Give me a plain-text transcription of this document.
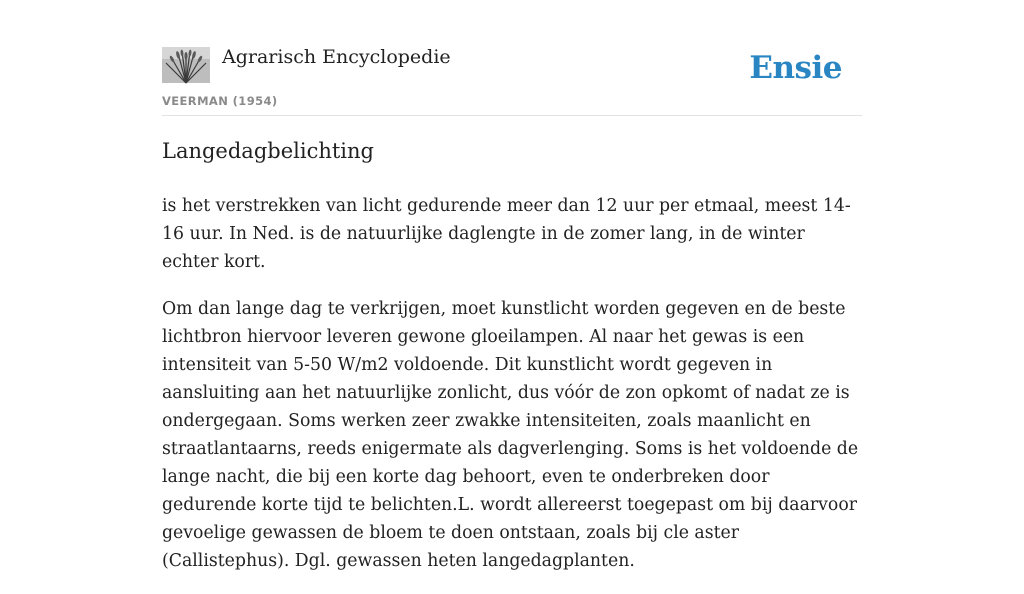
Agrarisch Encyclopedie
VEERMAN (1954)
Ensie
Langedagbelichting

is het verstrekken van licht gedurende meer dan 12 uur per etmaal, meest 14-16 uur. In Ned. is de natuurlijke daglengte in de zomer lang, in de winter echter kort.

Om dan lange dag te verkrijgen, moet kunstlicht worden gegeven en de beste lichtbron hiervoor leveren gewone gloeilampen. Al naar het gewas is een intensiteit van 5-50 W/m2 voldoende. Dit kunstlicht wordt gegeven in aansluiting aan het natuurlijke zonlicht, dus vóór de zon opkomt of nadat ze is ondergegaan. Soms werken zeer zwakke intensiteiten, zoals maanlicht en straatlantaarns, reeds enigermate als dagverlenging. Soms is het voldoende de lange nacht, die bij een korte dag behoort, even te onderbreken door gedurende korte tijd te belichten.L. wordt allereerst toegepast om bij daarvoor gevoelige gewassen de bloem te doen ontstaan, zoals bij cle aster (Callistephus). Dgl. gewassen heten langedagplanten.
